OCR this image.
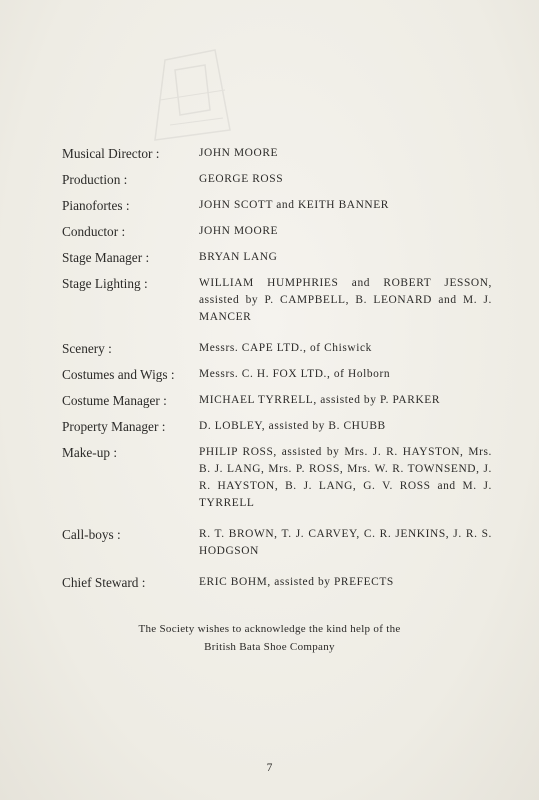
Musical Director :	JOHN MOORE
Production :	GEORGE ROSS
Pianofortes :	JOHN SCOTT and KEITH BANNER
Conductor :	JOHN MOORE
Stage Manager :	BRYAN LANG
Stage Lighting :	WILLIAM HUMPHRIES and ROBERT JESSON, assisted by P. CAMPBELL, B. LEONARD and M. J. MANCER
Scenery :	Messrs. CAPE LTD., of Chiswick
Costumes and Wigs :	Messrs. C. H. FOX LTD., of Holborn
Costume Manager :	MICHAEL TYRRELL, assisted by P. PARKER
Property Manager :	D. LOBLEY, assisted by B. CHUBB
Make-up :	PHILIP ROSS, assisted by Mrs. J. R. HAYSTON, Mrs. B. J. LANG, Mrs. P. ROSS, Mrs. W. R. TOWNSEND, J. R. HAYSTON, B. J. LANG, G. V. ROSS and M. J. TYRRELL
Call-boys :	R. T. BROWN, T. J. CARVEY, C. R. JENKINS, J. R. S. HODGSON
Chief Steward :	ERIC BOHM, assisted by PREFECTS
The Society wishes to acknowledge the kind help of the
British Bata Shoe Company
7
